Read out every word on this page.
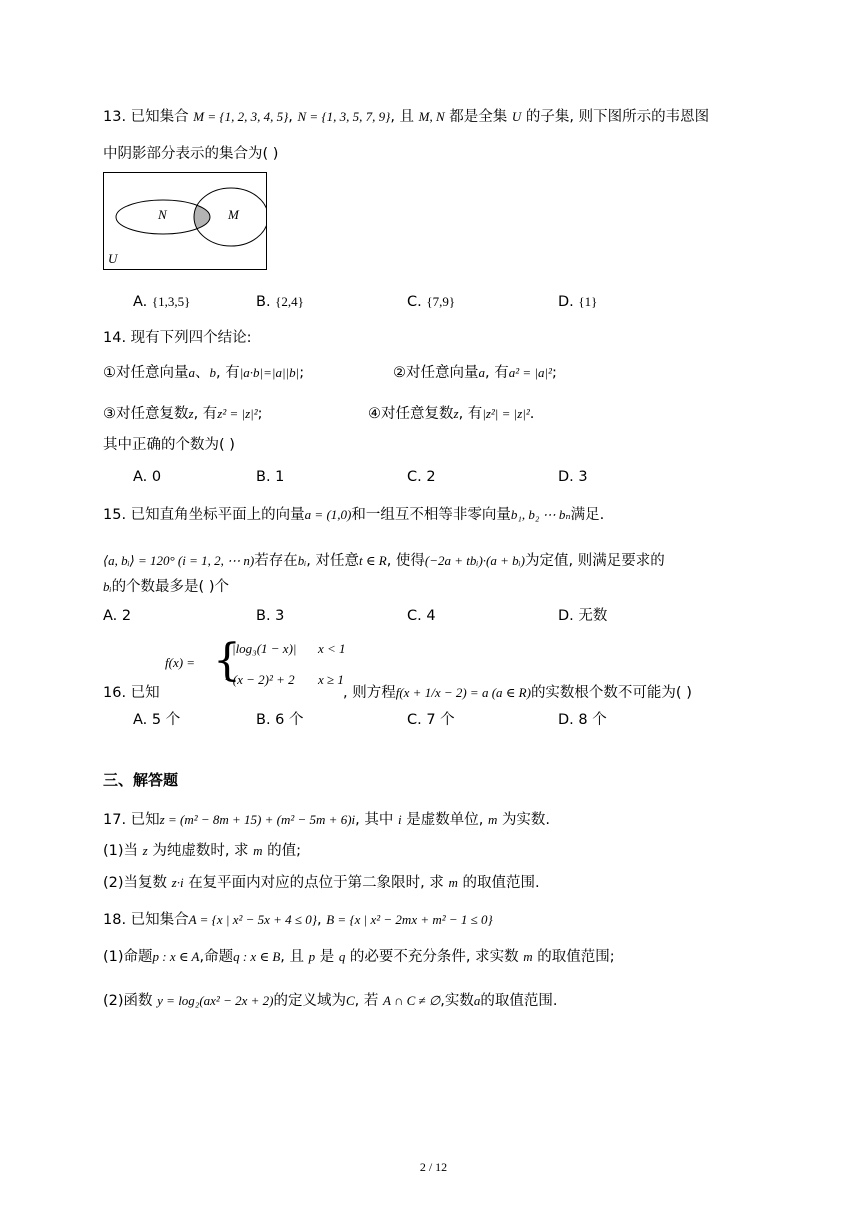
13. 已知集合 M = {1, 2, 3, 4, 5}, N = {1, 3, 5, 7, 9}, 且 M, N 都是全集 U 的子集, 则下图所示的韦恩图
中阴影部分表示的集合为( )
N	M
U
A. {1,3,5}	B. {2,4}	C. {7,9}	D. {1}
14. 现有下列四个结论:
①对任意向量a、b, 有|a·b|=|a||b|;	②对任意向量a, 有a² = |a|²;
③对任意复数z, 有z² = |z|²;	④对任意复数z, 有|z²| = |z|².
其中正确的个数为( )
A. 0	B. 1	C. 2	D. 3
15. 已知直角坐标平面上的向量a = (1,0)和一组互不相等非零向量b₁, b₂ ⋯ bₙ满足.
⟨a, bᵢ⟩ = 120° (i = 1, 2, ⋯ n)若存在bᵢ, 对任意t ∈ R, 使得(−2a + tbᵢ)·(a + bᵢ)为定值, 则满足要求的
bᵢ的个数最多是( )个
A. 2	B. 3	C. 4	D. 无数
16. 已知
f(x) = {
|log₃(1 − x)| x < 1
−(x − 2)² + 2 x ≥ 1
, 则方程f(x + 1/x − 2) = a (a ∈ R)的实数根个数不可能为( )
A. 5 个	B. 6 个	C. 7 个	D. 8 个
三、解答题
17. 已知z = (m² − 8m + 15) + (m² − 5m + 6)i, 其中 i 是虚数单位, m 为实数.
(1)当 z 为纯虚数时, 求 m 的值;
(2)当复数 z·i 在复平面内对应的点位于第二象限时, 求 m 的取值范围.
18. 已知集合A = {x | x² − 5x + 4 ≤ 0}, B = {x | x² − 2mx + m² − 1 ≤ 0}
(1)命题p : x ∈ A,命题q : x ∈ B, 且 p 是 q 的必要不充分条件, 求实数 m 的取值范围;
(2)函数 y = log₂(ax² − 2x + 2)的定义域为C, 若 A ∩ C ≠ ∅,实数a的取值范围.
2 / 12
